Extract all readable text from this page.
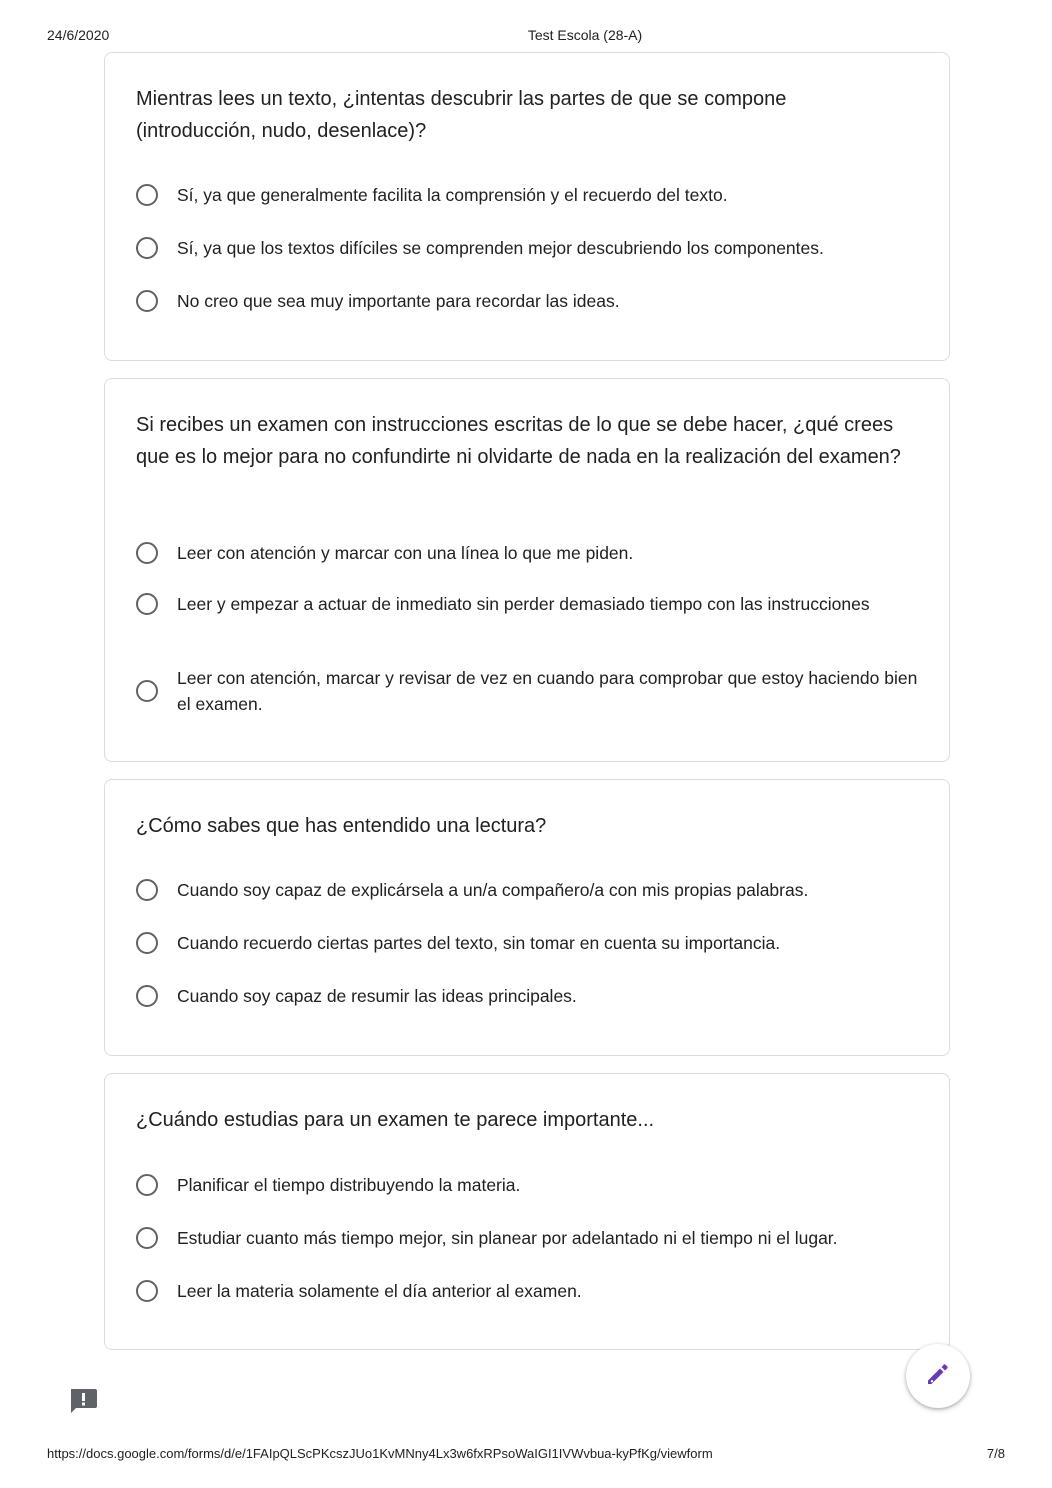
24/6/2020	Test Escola (28-A)
Mientras lees un texto, ¿intentas descubrir las partes de que se compone (introducción, nudo, desenlace)?
Sí, ya que generalmente facilita la comprensión y el recuerdo del texto.
Sí, ya que los textos difíciles se comprenden mejor descubriendo los componentes.
No creo que sea muy importante para recordar las ideas.
Si recibes un examen con instrucciones escritas de lo que se debe hacer, ¿qué crees que es lo mejor para no confundirte ni olvidarte de nada en la realización del examen?
Leer con atención y marcar con una línea lo que me piden.
Leer y empezar a actuar de inmediato sin perder demasiado tiempo con las instrucciones
Leer con atención, marcar y revisar de vez en cuando para comprobar que estoy haciendo bien el examen.
¿Cómo sabes que has entendido una lectura?
Cuando soy capaz de explicársela a un/a compañero/a con mis propias palabras.
Cuando recuerdo ciertas partes del texto, sin tomar en cuenta su importancia.
Cuando soy capaz de resumir las ideas principales.
¿Cuándo estudias para un examen te parece importante...
Planificar el tiempo distribuyendo la materia.
Estudiar cuanto más tiempo mejor, sin planear por adelantado ni el tiempo ni el lugar.
Leer la materia solamente el día anterior al examen.
https://docs.google.com/forms/d/e/1FAIpQLScPKcszJUo1KvMNny4Lx3w6fxRPsoWaIGI1IVWvbua-kyPfKg/viewform	7/8
